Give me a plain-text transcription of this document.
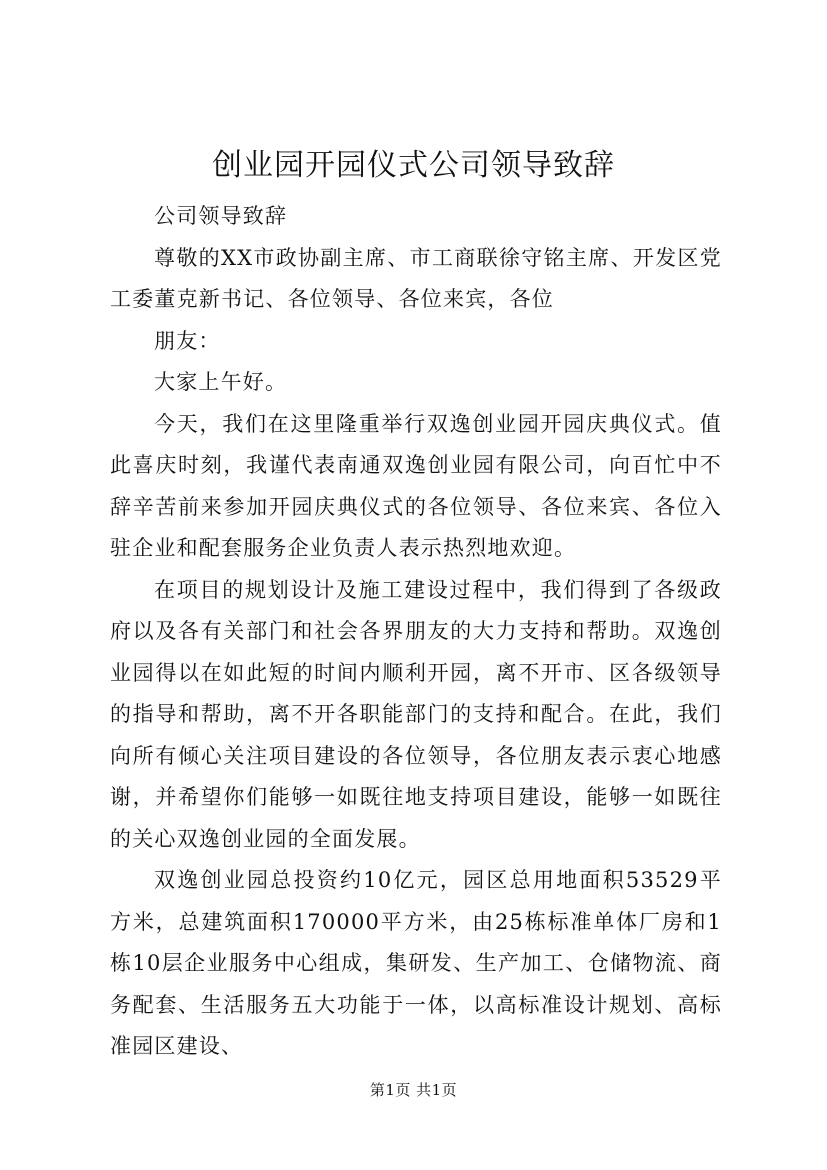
创业园开园仪式公司领导致辞

公司领导致辞

尊敬的XX市政协副主席、市工商联徐守铭主席、开发区党工委董克新书记、各位领导、各位来宾，各位

朋友：

大家上午好。

今天，我们在这里隆重举行双逸创业园开园庆典仪式。值此喜庆时刻，我谨代表南通双逸创业园有限公司，向百忙中不辞辛苦前来参加开园庆典仪式的各位领导、各位来宾、各位入驻企业和配套服务企业负责人表示热烈地欢迎。

在项目的规划设计及施工建设过程中，我们得到了各级政府以及各有关部门和社会各界朋友的大力支持和帮助。双逸创业园得以在如此短的时间内顺利开园，离不开市、区各级领导的指导和帮助，离不开各职能部门的支持和配合。在此，我们向所有倾心关注项目建设的各位领导，各位朋友表示衷心地感谢，并希望你们能够一如既往地支持项目建设，能够一如既往的关心双逸创业园的全面发展。

双逸创业园总投资约10亿元，园区总用地面积53529平方米，总建筑面积170000平方米，由25栋标准单体厂房和1栋10层企业服务中心组成，集研发、生产加工、仓储物流、商务配套、生活服务五大功能于一体，以高标准设计规划、高标准园区建设、

第1页 共1页
